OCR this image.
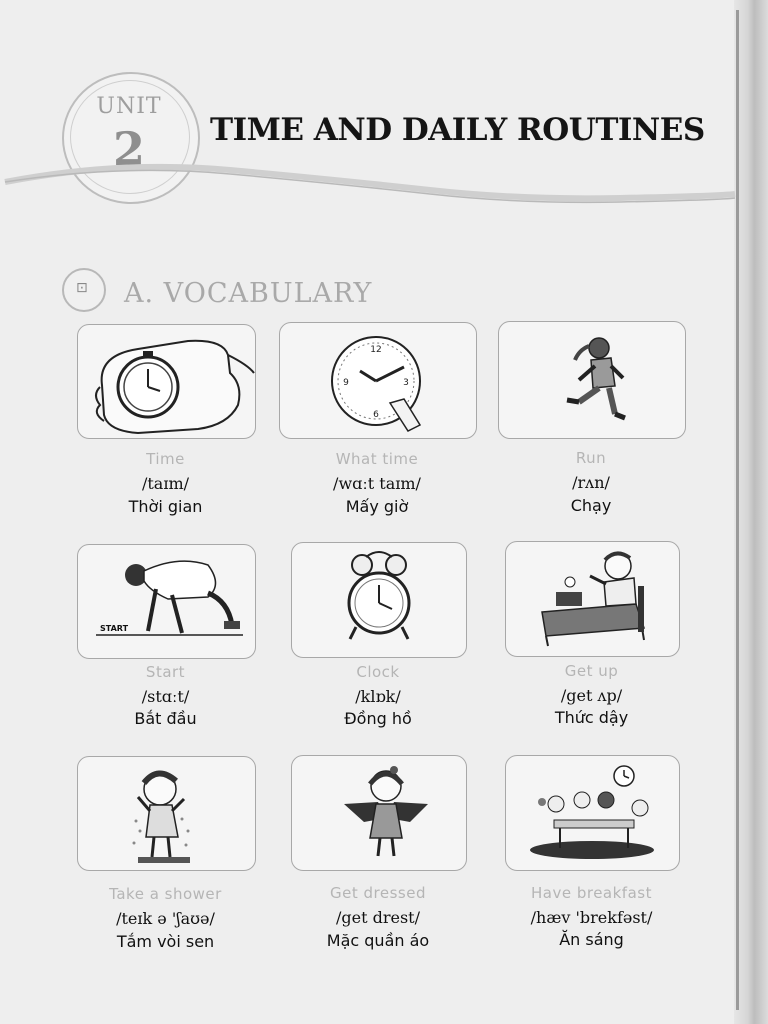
UNIT
2	TIME AND DAILY ROUTINES
⊡ A. VOCABULARY
Time
/taɪm/
Thời gian
12
3
6
9
What time
/wɑːt taɪm/
Mấy giờ
Run
/rʌn/
Chạy
START
Start
/stɑːt/
Bắt đầu
Clock
/klɒk/
Đồng hồ
Get up
/get ʌp/
Thức dậy
Take a shower
/teɪk ə 'ʃaʊə/
Tắm vòi sen
Get dressed
/get drest/
Mặc quần áo
Have breakfast
/hæv 'brekfəst/
Ăn sáng
